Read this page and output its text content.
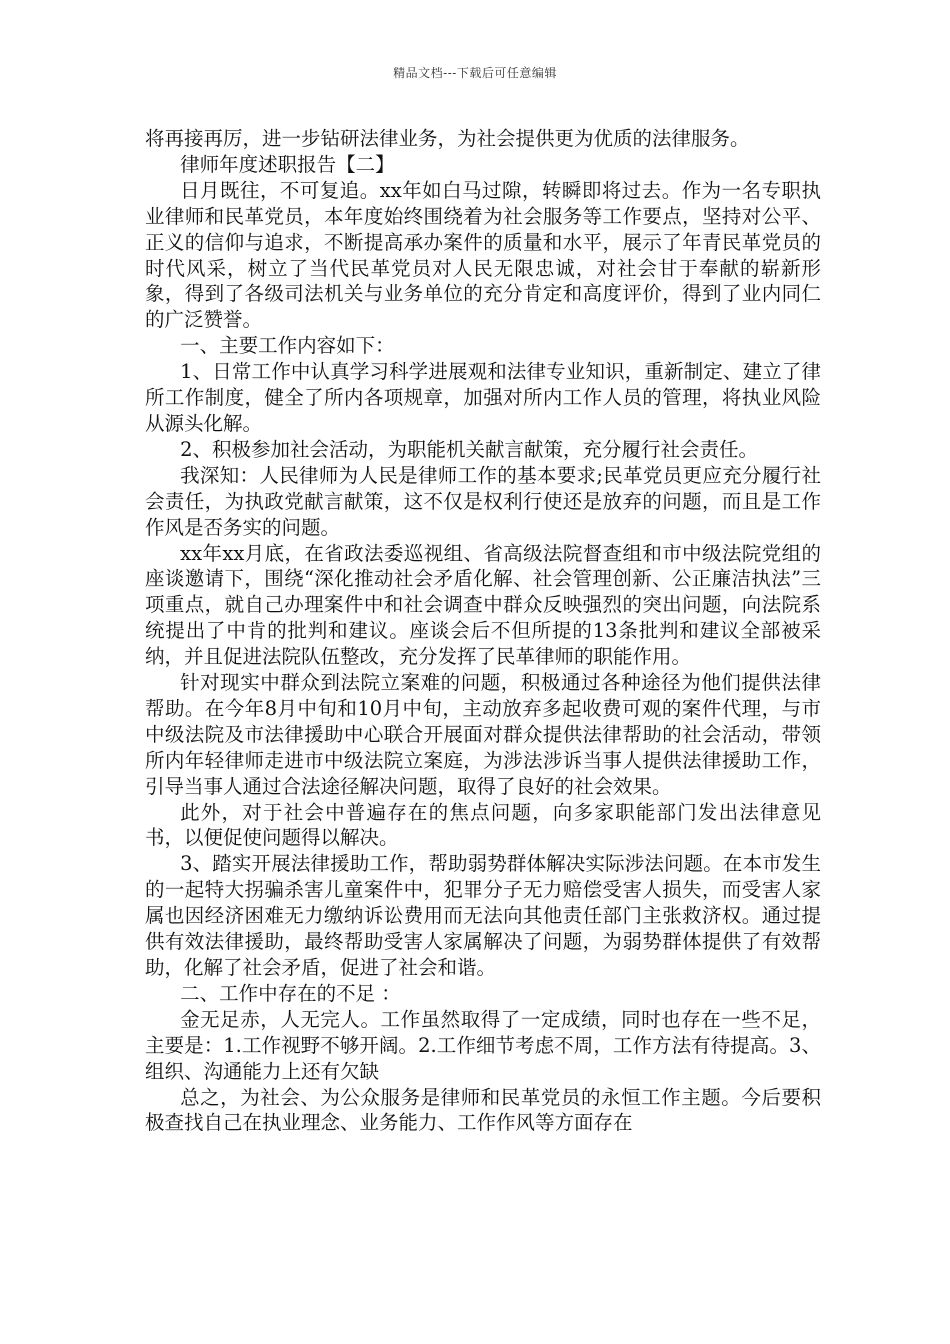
精品文档---下载后可任意编辑

将再接再厉，进一步钻研法律业务，为社会提供更为优质的法律服务。

律师年度述职报告【二】

日月既往，不可复追。xx年如白马过隙，转瞬即将过去。作为一名专职执业律师和民革党员，本年度始终围绕着为社会服务等工作要点，坚持对公平、正义的信仰与追求，不断提高承办案件的质量和水平，展示了年青民革党员的时代风采，树立了当代民革党员对人民无限忠诚，对社会甘于奉献的崭新形象，得到了各级司法机关与业务单位的充分肯定和高度评价，得到了业内同仁的广泛赞誉。

一、主要工作内容如下：

1、日常工作中认真学习科学进展观和法律专业知识，重新制定、建立了律所工作制度，健全了所内各项规章，加强对所内工作人员的管理，将执业风险从源头化解。

2、积极参加社会活动，为职能机关献言献策，充分履行社会责任。

我深知：人民律师为人民是律师工作的基本要求;民革党员更应充分履行社会责任，为执政党献言献策，这不仅是权利行使还是放弃的问题，而且是工作作风是否务实的问题。

xx年xx月底，在省政法委巡视组、省高级法院督查组和市中级法院党组的座谈邀请下，围绕“深化推动社会矛盾化解、社会管理创新、公正廉洁执法”三项重点，就自己办理案件中和社会调查中群众反映强烈的突出问题，向法院系统提出了中肯的批判和建议。座谈会后不但所提的13条批判和建议全部被采纳，并且促进法院队伍整改，充分发挥了民革律师的职能作用。

针对现实中群众到法院立案难的问题，积极通过各种途径为他们提供法律帮助。在今年8月中旬和10月中旬，主动放弃多起收费可观的案件代理，与市中级法院及市法律援助中心联合开展面对群众提供法律帮助的社会活动，带领所内年轻律师走进市中级法院立案庭，为涉法涉诉当事人提供法律援助工作，引导当事人通过合法途径解决问题，取得了良好的社会效果。

此外，对于社会中普遍存在的焦点问题，向多家职能部门发出法律意见书，以便促使问题得以解决。

3、踏实开展法律援助工作，帮助弱势群体解决实际涉法问题。在本市发生的一起特大拐骗杀害儿童案件中，犯罪分子无力赔偿受害人损失，而受害人家属也因经济困难无力缴纳诉讼费用而无法向其他责任部门主张救济权。通过提供有效法律援助，最终帮助受害人家属解决了问题，为弱势群体提供了有效帮助，化解了社会矛盾，促进了社会和谐。

二、工作中存在的不足 ：

金无足赤，人无完人。工作虽然取得了一定成绩，同时也存在一些不足，主要是：1.工作视野不够开阔。2.工作细节考虑不周，工作方法有待提高。3、组织、沟通能力上还有欠缺

总之，为社会、为公众服务是律师和民革党员的永恒工作主题。今后要积极查找自己在执业理念、业务能力、工作作风等方面存在
